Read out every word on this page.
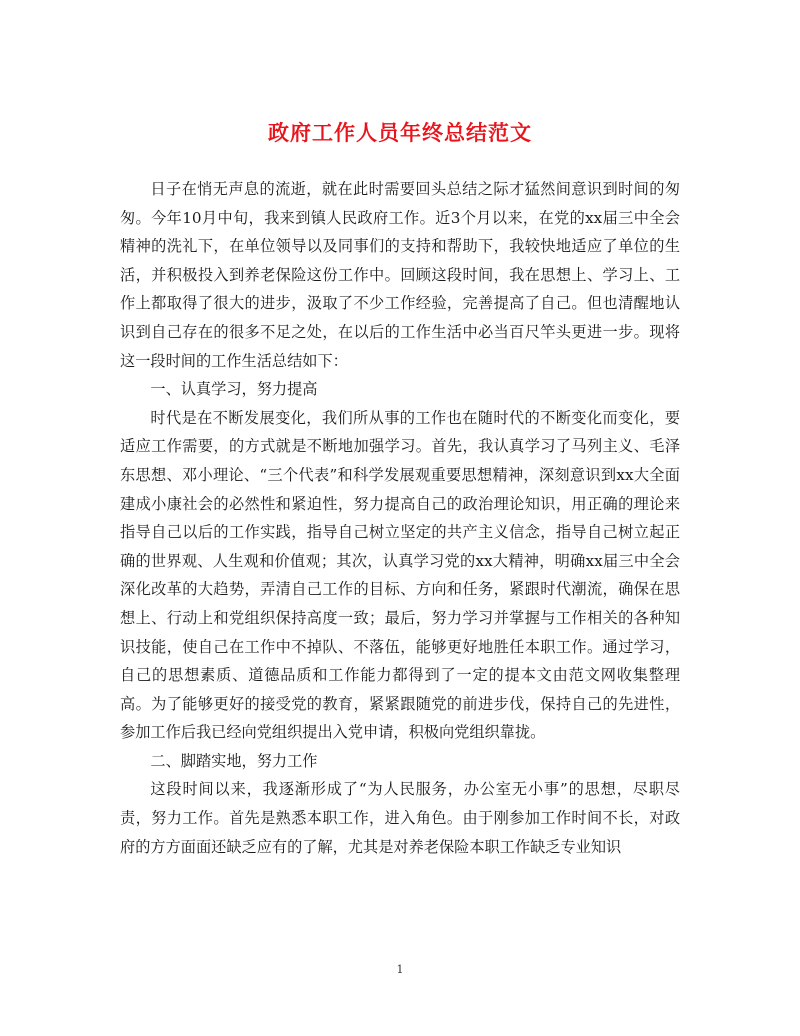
政府工作人员年终总结范文

日子在悄无声息的流逝，就在此时需要回头总结之际才猛然间意识到时间的匆匆。今年10月中旬，我来到镇人民政府工作。近3个月以来，在党的xx届三中全会精神的洗礼下，在单位领导以及同事们的支持和帮助下，我较快地适应了单位的生活，并积极投入到养老保险这份工作中。回顾这段时间，我在思想上、学习上、工作上都取得了很大的进步，汲取了不少工作经验，完善提高了自己。但也清醒地认识到自己存在的很多不足之处，在以后的工作生活中必当百尺竿头更进一步。现将这一段时间的工作生活总结如下：

一、认真学习，努力提高

时代是在不断发展变化，我们所从事的工作也在随时代的不断变化而变化，要适应工作需要，的方式就是不断地加强学习。首先，我认真学习了马列主义、毛泽东思想、邓小理论、“三个代表”和科学发展观重要思想精神，深刻意识到xx大全面建成小康社会的必然性和紧迫性，努力提高自己的政治理论知识，用正确的理论来指导自己以后的工作实践，指导自己树立坚定的共产主义信念，指导自己树立起正确的世界观、人生观和价值观；其次，认真学习党的xx大精神，明确xx届三中全会深化改革的大趋势，弄清自己工作的目标、方向和任务，紧跟时代潮流，确保在思想上、行动上和党组织保持高度一致；最后，努力学习并掌握与工作相关的各种知识技能，使自己在工作中不掉队、不落伍，能够更好地胜任本职工作。通过学习，自己的思想素质、道德品质和工作能力都得到了一定的提本文由范文网收集整理高。为了能够更好的接受党的教育，紧紧跟随党的前进步伐，保持自己的先进性，参加工作后我已经向党组织提出入党申请，积极向党组织靠拢。

二、脚踏实地，努力工作

这段时间以来，我逐渐形成了“为人民服务，办公室无小事”的思想，尽职尽责，努力工作。首先是熟悉本职工作，进入角色。由于刚参加工作时间不长，对政府的方方面面还缺乏应有的了解，尤其是对养老保险本职工作缺乏专业知识

1
